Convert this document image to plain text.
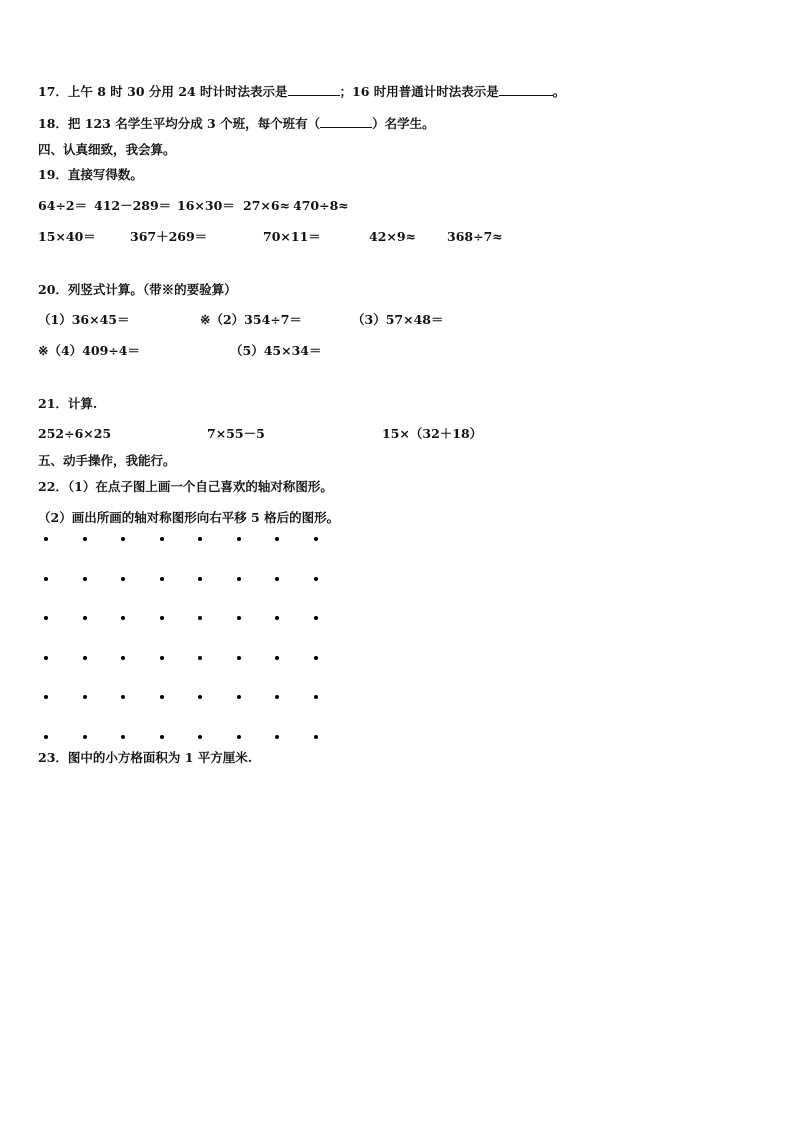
17．上午 8 时 30 分用 24 时计时法表示是	；16 时用普通计时法表示是	。
18．把 123 名学生平均分成 3 个班，每个班有（	）名学生。
四、认真细致，我会算。
19．直接写得数。
64÷2＝ 412－289＝ 16×30＝ 27×6≈ 470÷8≈
15×40＝	367＋269＝	70×11＝	42×9≈ 368÷7≈
20．列竖式计算。（带※的要验算）
（1）36×45＝	※（2）354÷7＝	（3）57×48＝
※（4）409÷4＝	（5）45×34＝
21．计算.
252÷6×25	7×55－5	15×（32＋18）
五、动手操作，我能行。
22．（1）在点子图上画一个自己喜欢的轴对称图形。
（2）画出所画的轴对称图形向右平移 5 格后的图形。
23．图中的小方格面积为 1 平方厘米.
